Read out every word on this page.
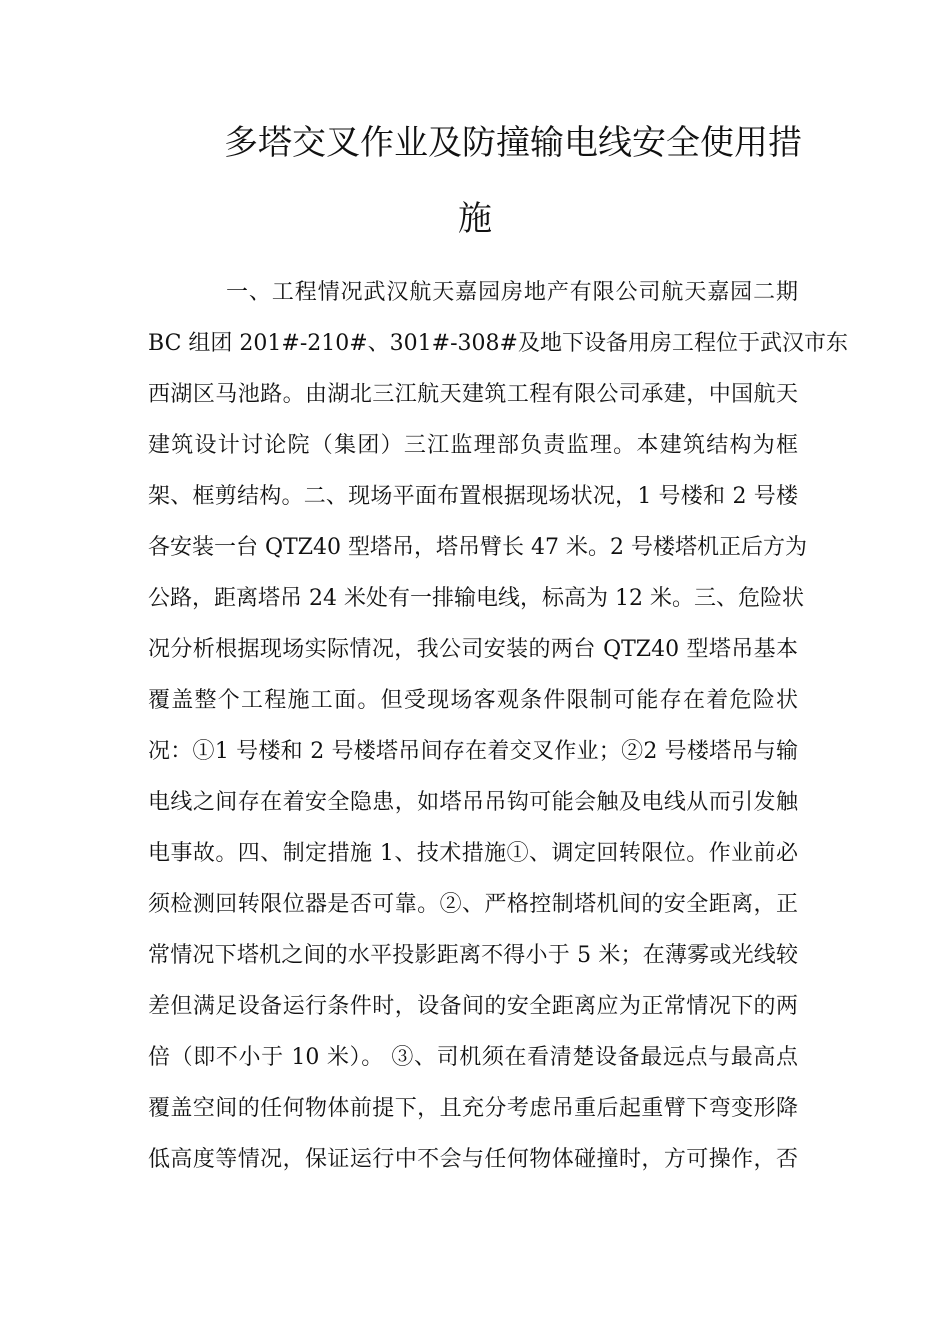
多塔交叉作业及防撞输电线安全使用措
施
一、工程情况武汉航天嘉园房地产有限公司航天嘉园二期
BC 组团 201#-210#、301#-308#及地下设备用房工程位于武汉市东
西湖区马池路。由湖北三江航天建筑工程有限公司承建，中国航天
建筑设计讨论院（集团）三江监理部负责监理。本建筑结构为框
架、框剪结构。二、现场平面布置根据现场状况，1 号楼和 2 号楼
各安装一台 QTZ40 型塔吊，塔吊臂长 47 米。2 号楼塔机正后方为
公路，距离塔吊 24 米处有一排输电线，标高为 12 米。三、危险状
况分析根据现场实际情况，我公司安装的两台 QTZ40 型塔吊基本
覆盖整个工程施工面。但受现场客观条件限制可能存在着危险状
况：①1 号楼和 2 号楼塔吊间存在着交叉作业；②2 号楼塔吊与输
电线之间存在着安全隐患，如塔吊吊钩可能会触及电线从而引发触
电事故。四、制定措施 1、技术措施①、调定回转限位。作业前必
须检测回转限位器是否可靠。②、严格控制塔机间的安全距离，正
常情况下塔机之间的水平投影距离不得小于 5 米；在薄雾或光线较
差但满足设备运行条件时，设备间的安全距离应为正常情况下的两
倍（即不小于 10 米）。 ③、司机须在看清楚设备最远点与最高点
覆盖空间的任何物体前提下，且充分考虑吊重后起重臂下弯变形降
低高度等情况，保证运行中不会与任何物体碰撞时，方可操作，否
